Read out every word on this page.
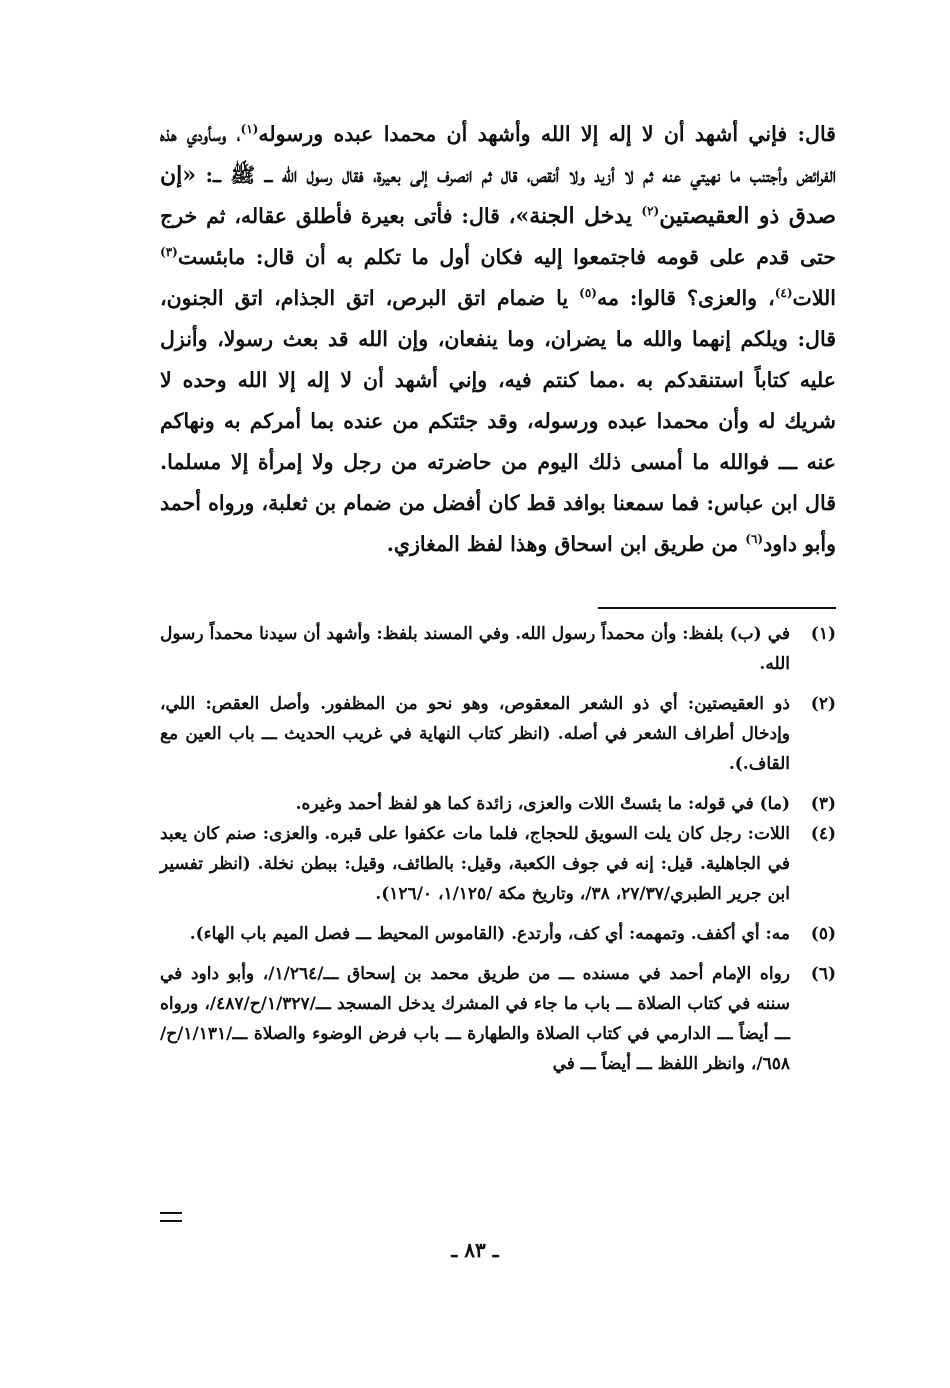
قال: فإني أشهد أن لا إله إلا الله وأشهد أن محمدا عبده ورسوله$^{(١)}$، وسأودي هذه الفرائض وأجتنب ما نهيتي عنه ثم لا أزيد ولا أنقص، قال ثم انصرف إلى بعيرة، فقال رسول الله ـــ ﷺ ـــ: «إن صدق ذو العقيصتين$^{(٢)}$ يدخل الجنة»، قال: فأتى بعيرة فأطلق عقاله، ثم خرج حتى قدم على قومه فاجتمعوا إليه فكان أول ما تكلم به أن قال: مابئست$^{(٣)}$ اللات$^{(٤)}$، والعزى؟ قالوا: مه$^{(٥)}$ يا ضمام اتق البرص، اتق الجذام، اتق الجنون، قال: ويلكم إنهما والله ما يضران، وما ينفعان، وإن الله قد بعث رسولا، وأنزل عليه كتاباً استنقدكم به .مما كنتم فيه، وإني أشهد أن لا إله إلا الله وحده لا شريك له وأن محمدا عبده ورسوله، وقد جئتكم من عنده بما أمركم به ونهاكم عنه ـــ فوالله ما أمسى ذلك اليوم من حاضرته من رجل ولا إمرأة إلا مسلما. قال ابن عباس: فما سمعنا بوافد قط كان أفضل من ضمام بن ثعلبة، ورواه أحمد وأبو داود$^{(٦)}$ من طريق ابن اسحاق وهذا لفظ المغازي.

(١)
في (ب) بلفظ: وأن محمداً رسول الله. وفي المسند بلفظ: وأشهد أن سيدنا محمداً رسول الله.
(٢)
ذو العقيصتين: أي ذو الشعر المعقوص، وهو نحو من المظفور. وأصل العقص: اللي، وإدخال أطراف الشعر في أصله. (انظر كتاب النهاية في غريب الحديث ـــ باب العين مع القاف.).
(٣)
(ما) في قوله: ما بئستْ اللات والعزى، زائدة كما هو لفظ أحمد وغيره.
(٤)
اللات: رجل كان يلت السويق للحجاج، فلما مات عكفوا على قبره. والعزى: صنم كان يعبد في الجاهلية. قيل: إنه في جوف الكعبة، وقيل: بالطائف، وقيل: ببطن نخلة. (انظر تفسير ابن جرير الطبري/٢٧/٣٧، ٣٨/، وتاريخ مكة /١/١٢٥، ١٢٦/٠).
(٥)
مه: أي أكفف. وتمهمه: أي كف، وأرتدع. (القاموس المحيط ـــ فصل الميم باب الهاء).
(٦)
رواه الإمام أحمد في مسنده ـــ من طريق محمد بن إسحاق ـــ/١/٢٦٤/، وأبو داود في سننه في كتاب الصلاة ـــ باب ما جاء في المشرك يدخل المسجد ـــ/١/٣٢٧/ح/٤٨٧/، ورواه ـــ أيضاً ـــ الدارمي في كتاب الصلاة والطهارة ـــ باب فرض الوضوء والصلاة ـــ/١/١٣١/ح/٦٥٨/، وانظر اللفظ ـــ أيضاً ـــ في
ـ ٨٣ ـ
